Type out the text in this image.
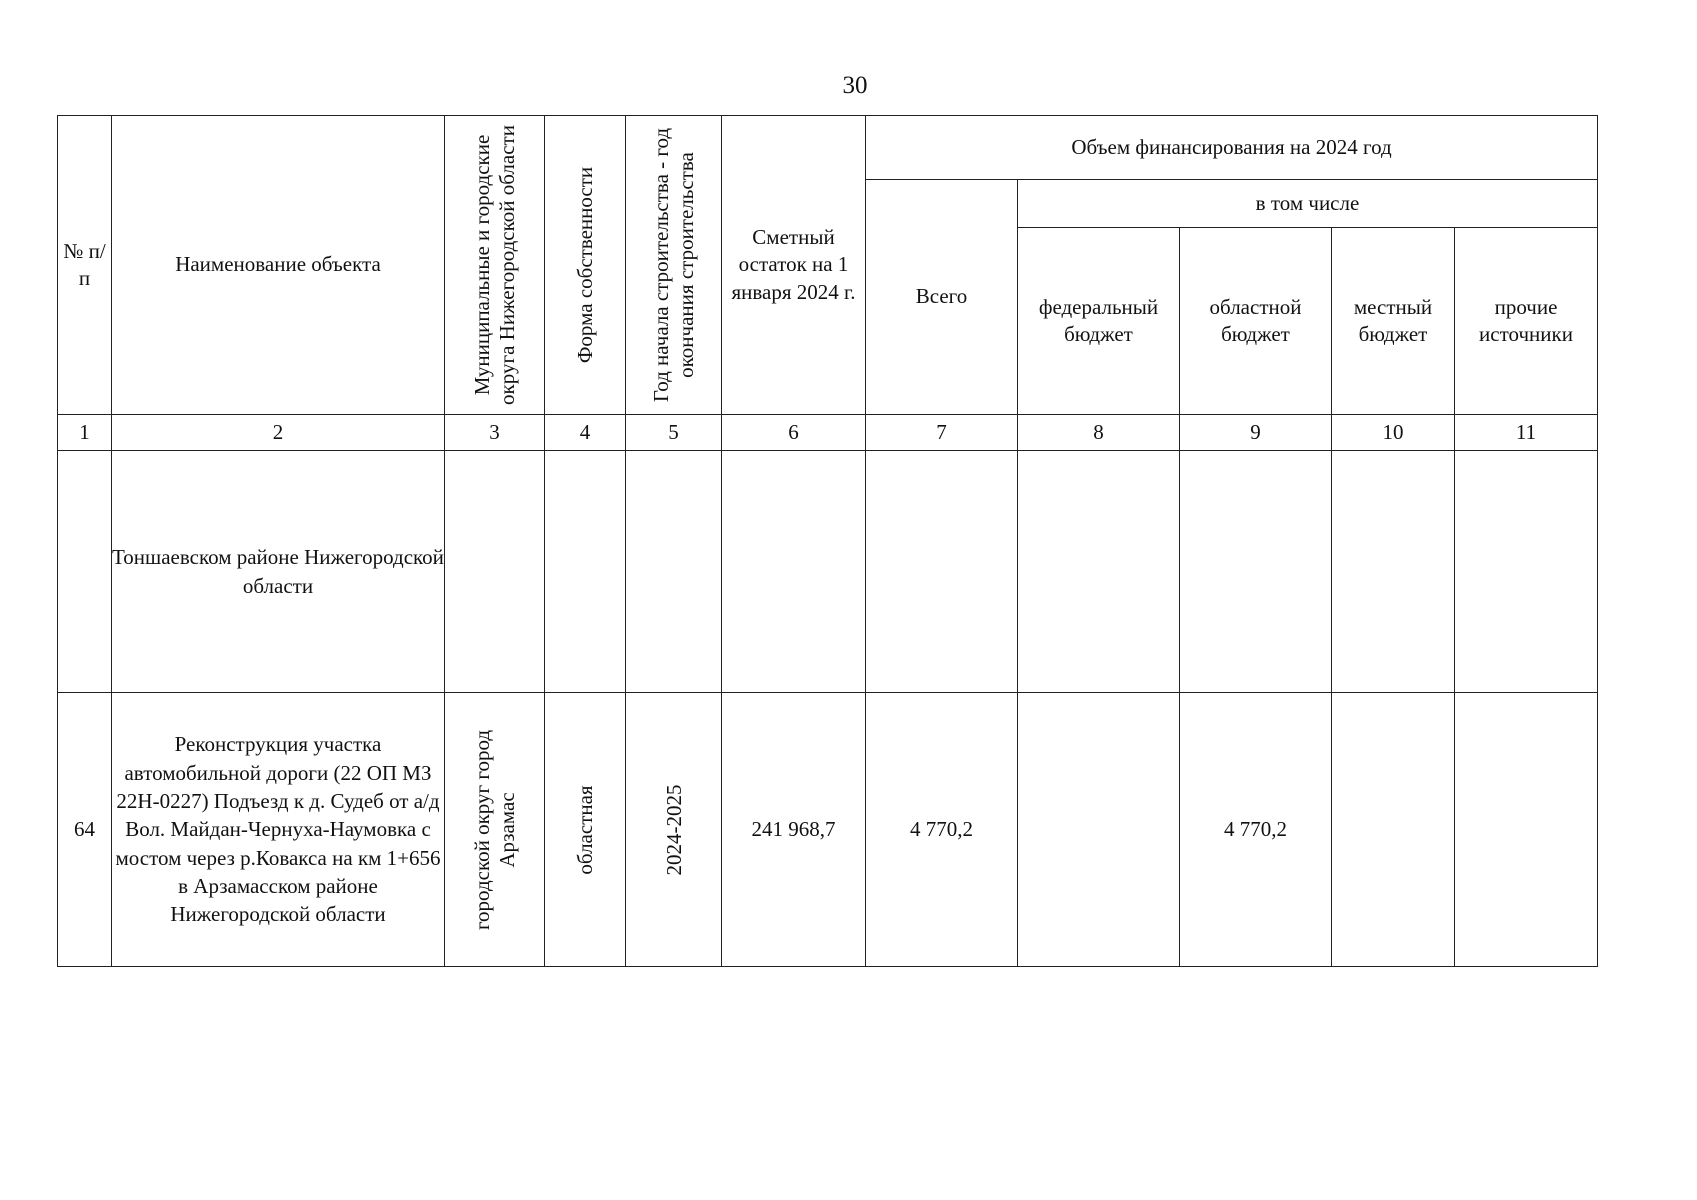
30
№ п/ п	Наименование объекта	Муниципальные и городские округа Нижегородской области	Форма собственности	Год начала строительства - год окончания строительства	Сметный остаток на 1 января 2024 г.	Объем финансирования на 2024 год				
						Всего	в том числе			
							федеральный бюджет	областной бюджет	местный бюджет	прочие источники
1	2	3	4	5	6	7	8	9	10	11
	Тоншаевском районе Нижегородской области									
64	Реконструкция участка автомобильной дороги (22 ОП МЗ 22Н-0227) Подъезд к д. Судеб от а/д Вол. Майдан-Чернуха-Наумовка с мостом через р.Ковакса на км 1+656 в Арзамасском районе Нижегородской области	городской округ город Арзамас	областная	2024-2025	241 968,7	4 770,2		4 770,2		
